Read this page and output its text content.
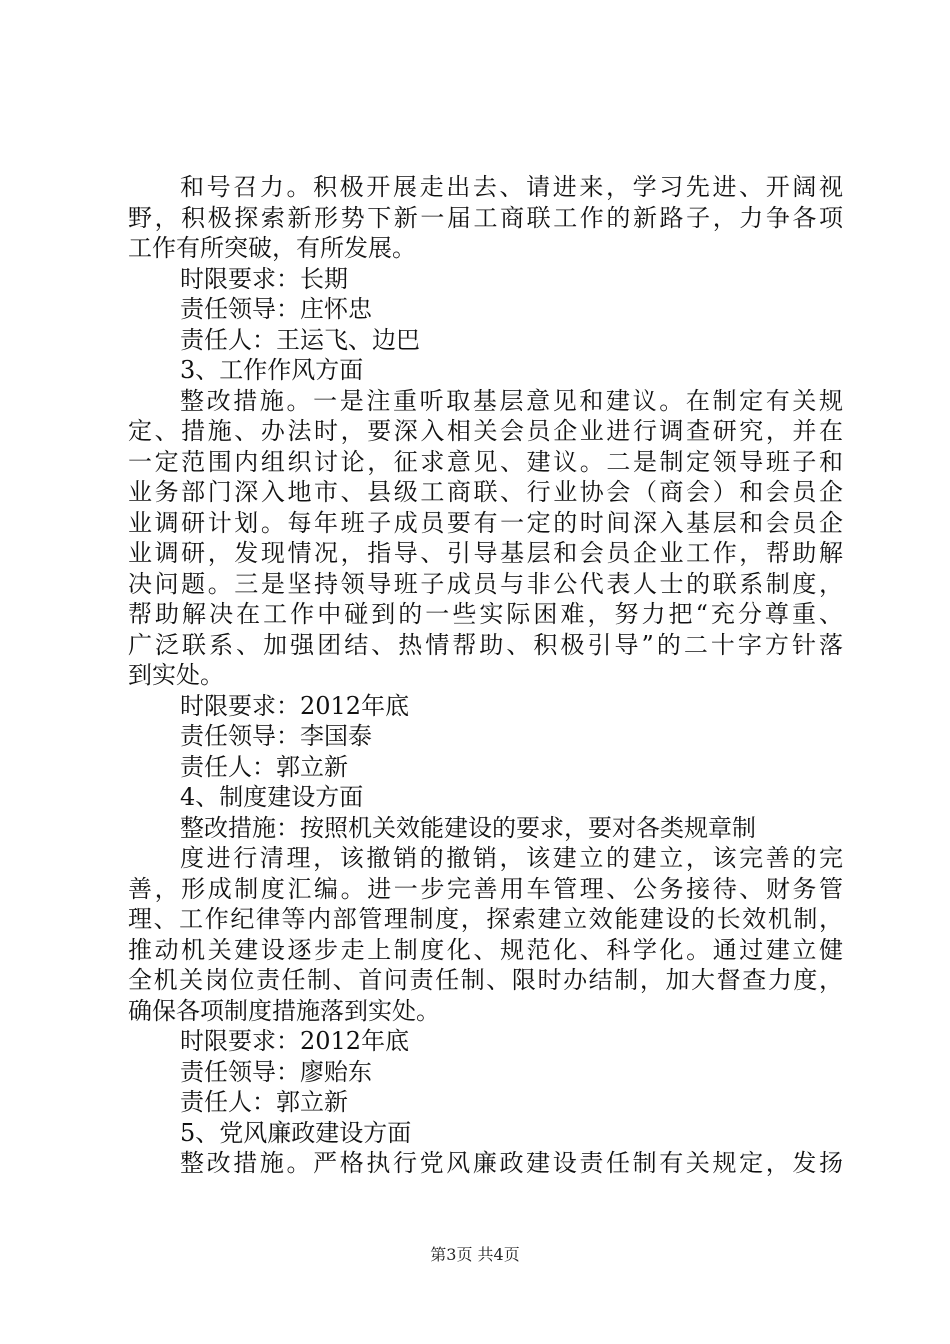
和号召力。积极开展走出去、请进来，学习先进、开阔视
野，积极探索新形势下新一届工商联工作的新路子，力争各项
工作有所突破，有所发展。
时限要求：长期
责任领导：庄怀忠
责任人：王运飞、边巴
3、工作作风方面
整改措施。一是注重听取基层意见和建议。在制定有关规
定、措施、办法时，要深入相关会员企业进行调查研究，并在
一定范围内组织讨论，征求意见、建议。二是制定领导班子和
业务部门深入地市、县级工商联、行业协会（商会）和会员企
业调研计划。每年班子成员要有一定的时间深入基层和会员企
业调研，发现情况，指导、引导基层和会员企业工作，帮助解
决问题。三是坚持领导班子成员与非公代表人士的联系制度，
帮助解决在工作中碰到的一些实际困难，努力把“充分尊重、
广泛联系、加强团结、热情帮助、积极引导”的二十字方针落
到实处。
时限要求：2012年底
责任领导：李国泰
责任人：郭立新
4、制度建设方面
整改措施：按照机关效能建设的要求，要对各类规章制
度进行清理，该撤销的撤销，该建立的建立，该完善的完
善，形成制度汇编。进一步完善用车管理、公务接待、财务管
理、工作纪律等内部管理制度，探索建立效能建设的长效机制，
推动机关建设逐步走上制度化、规范化、科学化。通过建立健
全机关岗位责任制、首问责任制、限时办结制，加大督查力度，
确保各项制度措施落到实处。
时限要求：2012年底
责任领导：廖贻东
责任人：郭立新
5、党风廉政建设方面
整改措施。严格执行党风廉政建设责任制有关规定，发扬
第3页 共4页
